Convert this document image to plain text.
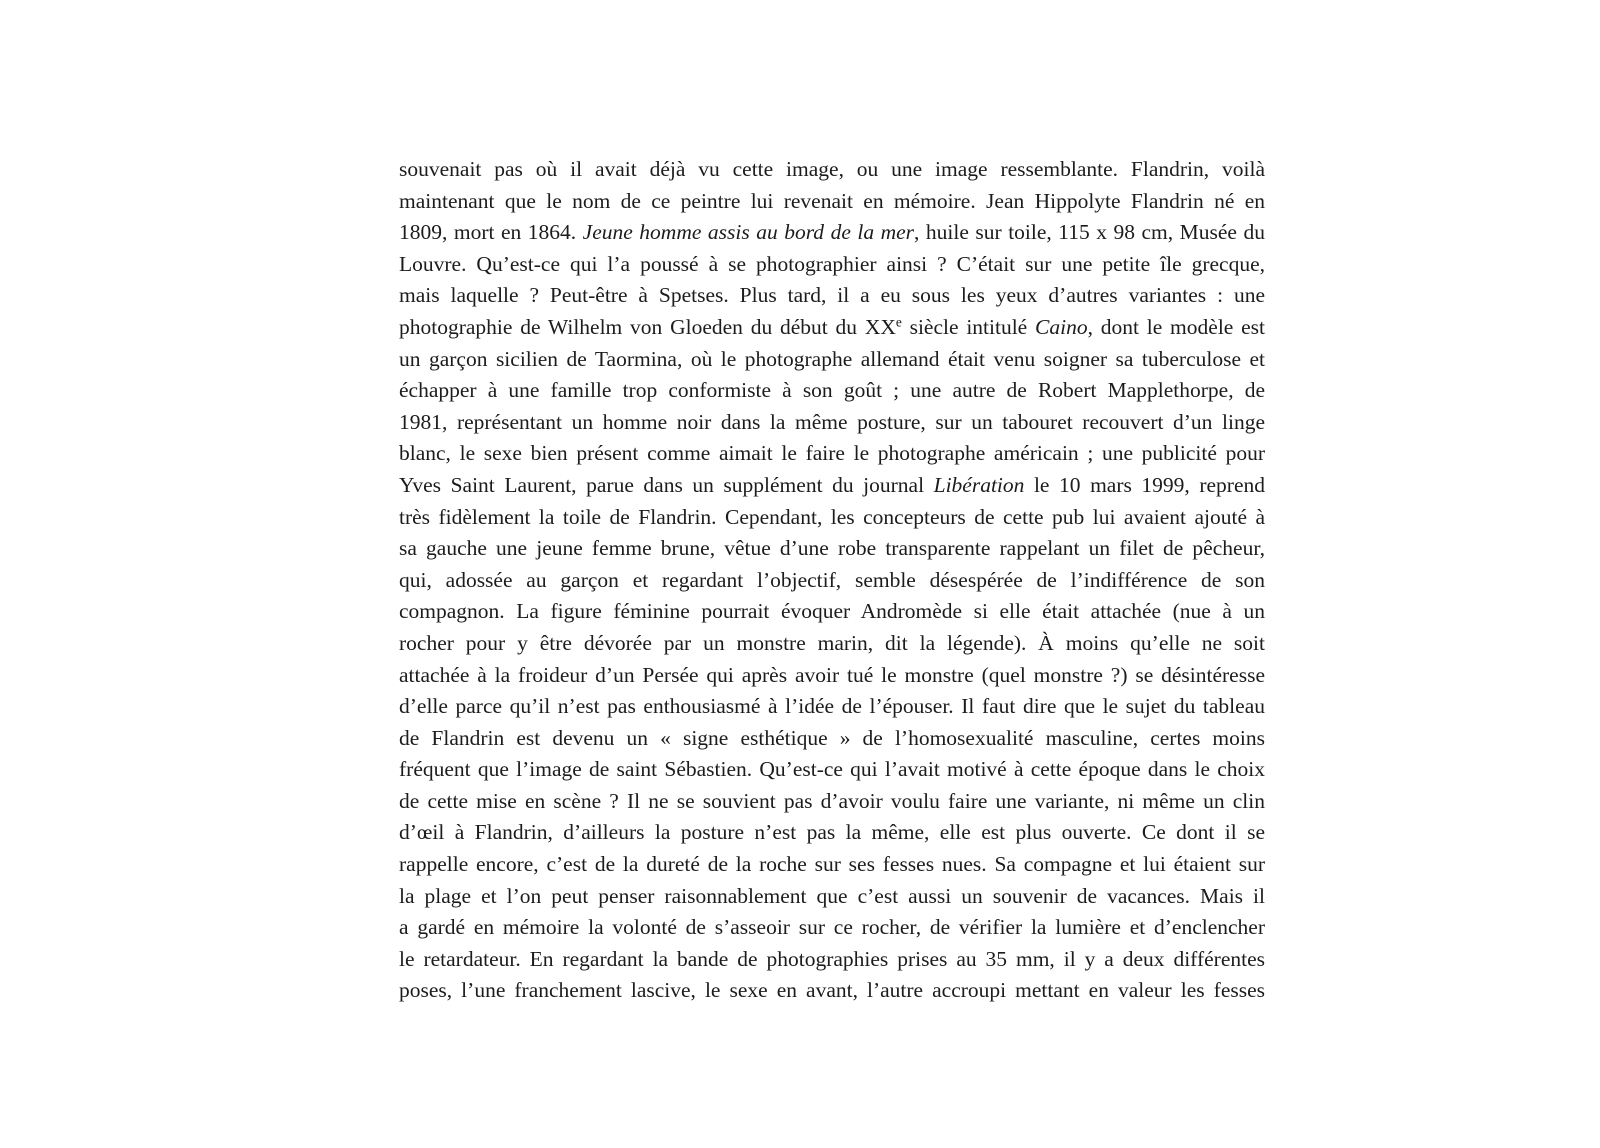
souvenait pas où il avait déjà vu cette image, ou une image ressemblante. Flandrin, voilà
maintenant que le nom de ce peintre lui revenait en mémoire. Jean Hippolyte Flandrin né en
1809, mort en 1864. Jeune homme assis au bord de la mer, huile sur toile, 115 x 98 cm, Musée du
Louvre. Qu’est-ce qui l’a poussé à se photographier ainsi ? C’était sur une petite île grecque,
mais laquelle ? Peut-être à Spetses. Plus tard, il a eu sous les yeux d’autres variantes : une
photographie de Wilhelm von Gloeden du début du XXe siècle intitulé Caino, dont le modèle est
un garçon sicilien de Taormina, où le photographe allemand était venu soigner sa tuberculose et
échapper à une famille trop conformiste à son goût ; une autre de Robert Mapplethorpe, de
1981, représentant un homme noir dans la même posture, sur un tabouret recouvert d’un linge
blanc, le sexe bien présent comme aimait le faire le photographe américain ; une publicité pour
Yves Saint Laurent, parue dans un supplément du journal Libération le 10 mars 1999, reprend
très fidèlement la toile de Flandrin. Cependant, les concepteurs de cette pub lui avaient ajouté à
sa gauche une jeune femme brune, vêtue d’une robe transparente rappelant un filet de pêcheur,
qui, adossée au garçon et regardant l’objectif, semble désespérée de l’indifférence de son
compagnon. La figure féminine pourrait évoquer Andromède si elle était attachée (nue à un
rocher pour y être dévorée par un monstre marin, dit la légende). À moins qu’elle ne soit
attachée à la froideur d’un Persée qui après avoir tué le monstre (quel monstre ?) se désintéresse
d’elle parce qu’il n’est pas enthousiasmé à l’idée de l’épouser. Il faut dire que le sujet du tableau
de Flandrin est devenu un « signe esthétique » de l’homosexualité masculine, certes moins
fréquent que l’image de saint Sébastien. Qu’est-ce qui l’avait motivé à cette époque dans le choix
de cette mise en scène ? Il ne se souvient pas d’avoir voulu faire une variante, ni même un clin
d’œil à Flandrin, d’ailleurs la posture n’est pas la même, elle est plus ouverte. Ce dont il se
rappelle encore, c’est de la dureté de la roche sur ses fesses nues. Sa compagne et lui étaient sur
la plage et l’on peut penser raisonnablement que c’est aussi un souvenir de vacances. Mais il
a gardé en mémoire la volonté de s’asseoir sur ce rocher, de vérifier la lumière et d’enclencher
le retardateur. En regardant la bande de photographies prises au 35 mm, il y a deux différentes
poses, l’une franchement lascive, le sexe en avant, l’autre accroupi mettant en valeur les fesses
